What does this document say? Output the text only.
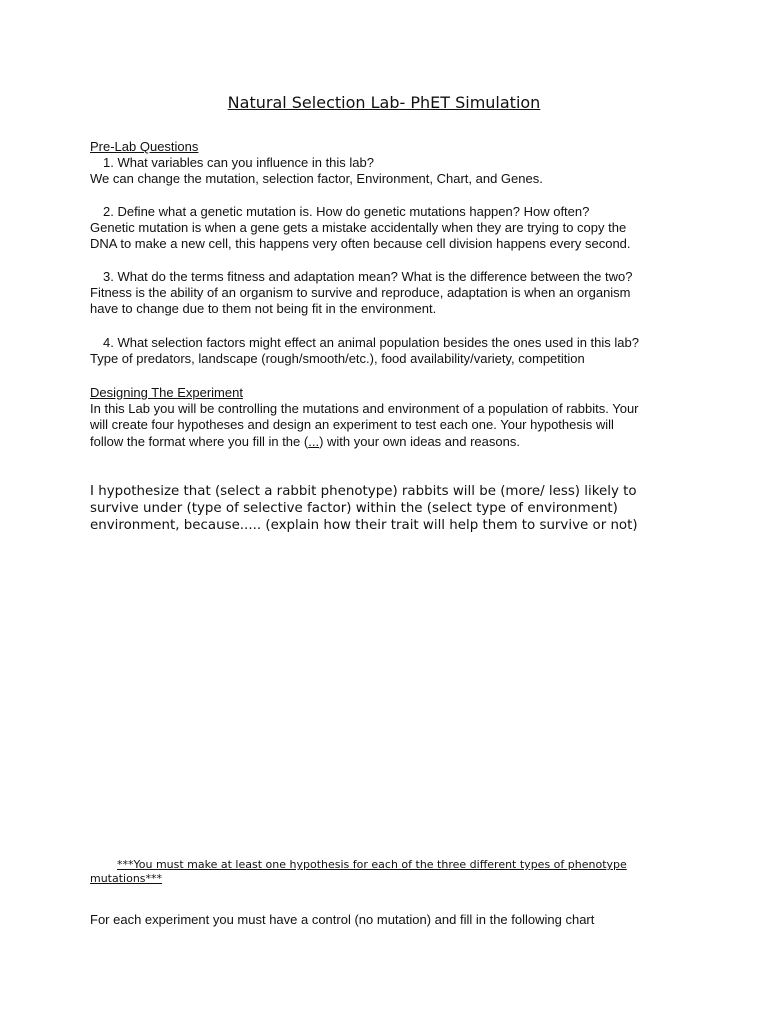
Natural Selection Lab- PhET Simulation
Pre-Lab Questions
1. What variables can you influence in this lab?
We can change the mutation, selection factor, Environment, Chart, and Genes.
2. Define what a genetic mutation is. How do genetic mutations happen? How often?
Genetic mutation is when a gene gets a mistake accidentally when they are trying to copy the
DNA to make a new cell, this happens very often because cell division happens every second.
3. What do the terms fitness and adaptation mean? What is the difference between the two?
Fitness is the ability of an organism to survive and reproduce, adaptation is when an organism
have to change due to them not being fit in the environment.
4. What selection factors might effect an animal population besides the ones used in this lab?
Type of predators, landscape (rough/smooth/etc.), food availability/variety, competition
Designing The Experiment
In this Lab you will be controlling the mutations and environment of a population of rabbits. Your
will create four hypotheses and design an experiment to test each one. Your hypothesis will
follow the format where you fill in the (...) with your own ideas and reasons.
I hypothesize that (select a rabbit phenotype) rabbits will be (more/ less) likely to
survive under (type of selective factor) within the (select type of environment)
environment, because..... (explain how their trait will help them to survive or not)
***You must make at least one hypothesis for each of the three different types of phenotype
mutations***
For each experiment you must have a control (no mutation) and fill in the following chart
